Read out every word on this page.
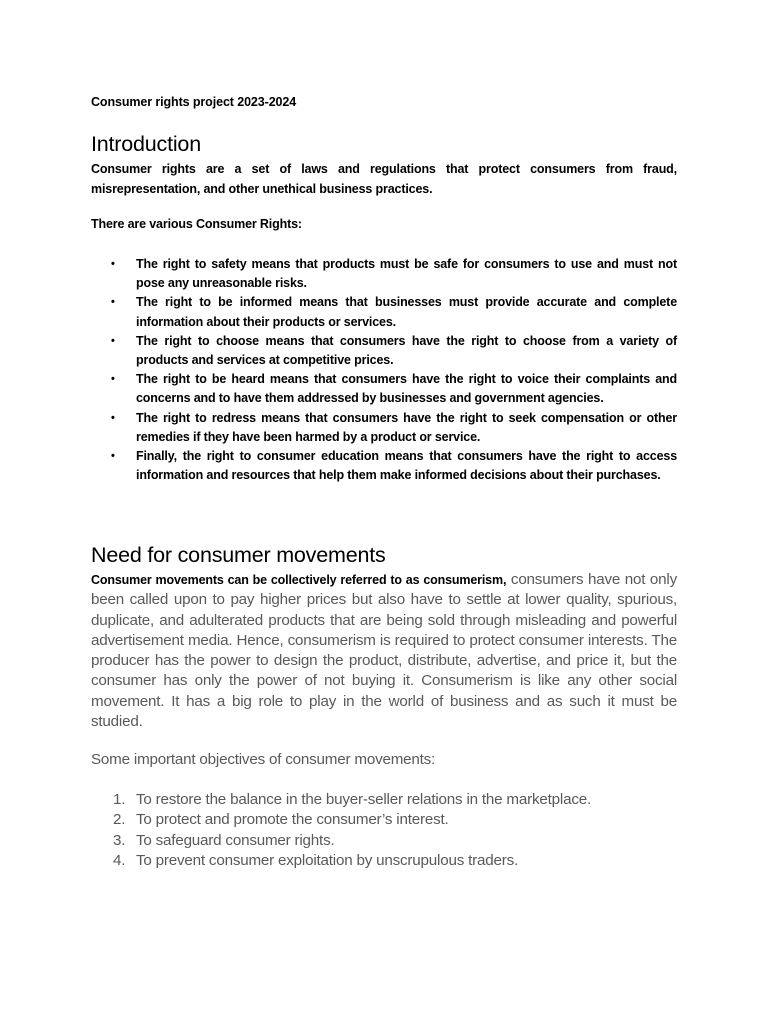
Consumer rights project 2023-2024
Introduction

Consumer rights are a set of laws and regulations that protect consumers from fraud, misrepresentation, and other unethical business practices.

There are various Consumer Rights:
• The right to safety means that products must be safe for consumers to use and must not pose any unreasonable risks.
• The right to be informed means that businesses must provide accurate and complete information about their products or services.
• The right to choose means that consumers have the right to choose from a variety of products and services at competitive prices.
• The right to be heard means that consumers have the right to voice their complaints and concerns and to have them addressed by businesses and government agencies.
• The right to redress means that consumers have the right to seek compensation or other remedies if they have been harmed by a product or service.
• Finally, the right to consumer education means that consumers have the right to access information and resources that help them make informed decisions about their purchases.
Need for consumer movements

Consumer movements can be collectively referred to as consumerism, consumers have not only been called upon to pay higher prices but also have to settle at lower quality, spurious, duplicate, and adulterated products that are being sold through misleading and powerful advertisement media. Hence, consumerism is required to protect consumer interests. The producer has the power to design the product, distribute, advertise, and price it, but the consumer has only the power of not buying it. Consumerism is like any other social movement. It has a big role to play in the world of business and as such it must be studied.

Some important objectives of consumer movements:
1. To restore the balance in the buyer-seller relations in the marketplace.
2. To protect and promote the consumer’s interest.
3. To safeguard consumer rights.
4. To prevent consumer exploitation by unscrupulous traders.
